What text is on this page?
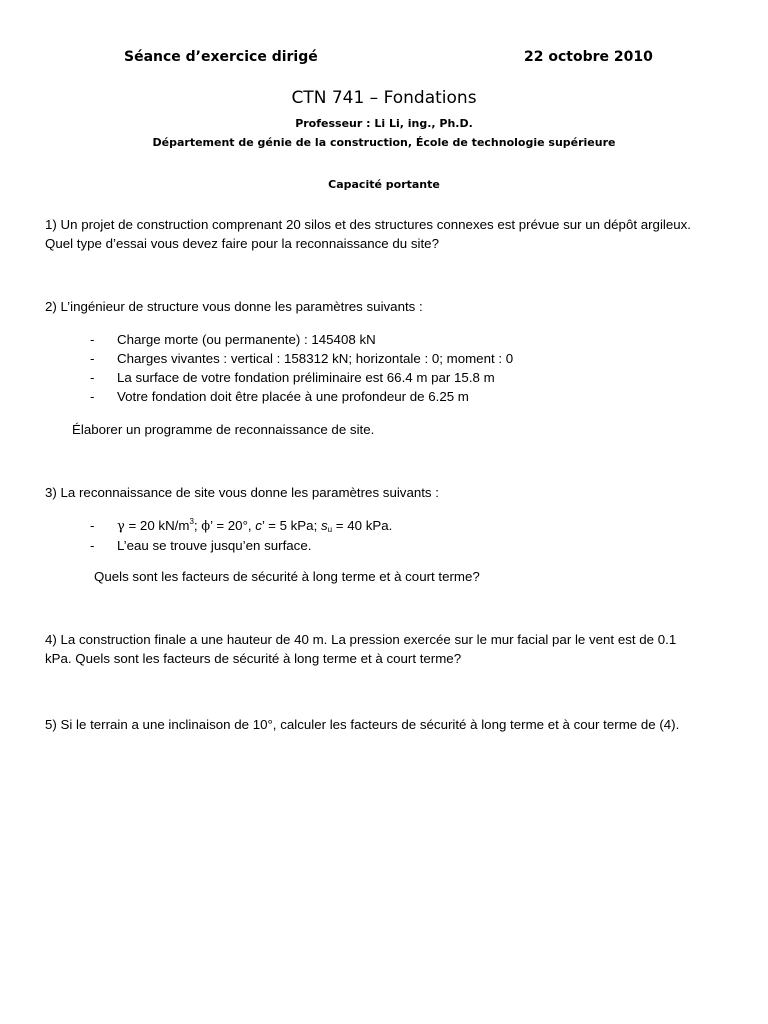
Séance d’exercice dirigé	22 octobre 2010
CTN 741 – Fondations
Professeur : Li Li, ing., Ph.D.
Département de génie de la construction, École de technologie supérieure
Capacité portante
1) Un projet de construction comprenant 20 silos et des structures connexes est prévue sur un dépôt argileux.
Quel type d’essai vous devez faire pour la reconnaissance du site?
2) L’ingénieur de structure vous donne les paramètres suivants :
- Charge morte (ou permanente) : 145408 kN
- Charges vivantes : vertical : 158312 kN; horizontale : 0; moment : 0
- La surface de votre fondation préliminaire est 66.4 m par 15.8 m
- Votre fondation doit être placée à une profondeur de 6.25 m
Élaborer un programme de reconnaissance de site.
3) La reconnaissance de site vous donne les paramètres suivants :
- γ = 20 $kN/m^3$; ϕ’ = 20°, c’ = 5 kPa; $s_u = 40$ kPa.
- L’eau se trouve jusqu’en surface.
Quels sont les facteurs de sécurité à long terme et à court terme?
4) La construction finale a une hauteur de 40 m. La pression exercée sur le mur facial par le vent est de 0.1
kPa. Quels sont les facteurs de sécurité à long terme et à court terme?
5) Si le terrain a une inclinaison de 10°, calculer les facteurs de sécurité à long terme et à cour terme de (4).
